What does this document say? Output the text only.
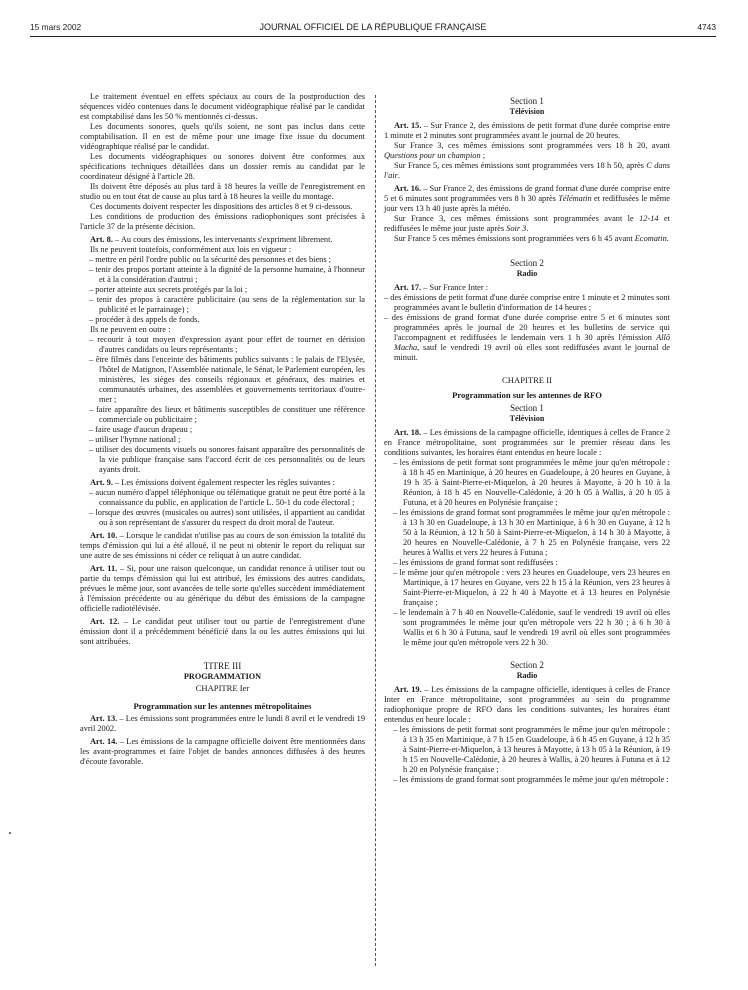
15 mars 2002	JOURNAL OFFICIEL DE LA RÉPUBLIQUE FRANÇAISE	4743

Le traitement éventuel en effets spéciaux au cours de la postproduction des séquences vidéo contenues dans le document vidéographique réalisé par le candidat est comptabilisé dans les 50 % mentionnés ci-dessus.

Les documents sonores, quels qu'ils soient, ne sont pas inclus dans cette comptabilisation. Il en est de même pour une image fixe issue du document vidéographique réalisé par le candidat.

Les documents vidéographiques ou sonores doivent être conformes aux spécifications techniques détaillées dans un dossier remis au candidat par le coordinateur désigné à l'article 28.

Ils doivent être déposés au plus tard à 18 heures la veille de l'enregistrement en studio ou en tout état de cause au plus tard à 18 heures la veille du montage.

Ces documents doivent respecter les dispositions des articles 8 et 9 ci-dessous.

Les conditions de production des émissions radiophoniques sont précisées à l'article 37 de la présente décision.

Art. 8. – Au cours des émissions, les intervenants s'expriment librement.

Ils ne peuvent toutefois, conformément aux lois en vigueur :

– mettre en péril l'ordre public ou la sécurité des personnes et des biens ;

– tenir des propos portant atteinte à la dignité de la personne humaine, à l'honneur et à la considération d'autrui ;

– porter atteinte aux secrets protégés par la loi ;

– tenir des propos à caractère publicitaire (au sens de la réglementation sur la publicité et le parrainage) ;

– procéder à des appels de fonds.

Ils ne peuvent en outre :

– recourir à tout moyen d'expression ayant pour effet de tourner en dérision d'autres candidats ou leurs représentants ;

– être filmés dans l'enceinte des bâtiments publics suivants : le palais de l'Elysée, l'hôtel de Matignon, l'Assemblée nationale, le Sénat, le Parlement européen, les ministères, les sièges des conseils régionaux et généraux, des mairies et communautés urbaines, des assemblées et gouvernements territoriaux d'outre-mer ;

– faire apparaître des lieux et bâtiments susceptibles de constituer une référence commerciale ou publicitaire ;

– faire usage d'aucun drapeau ;

– utiliser l'hymne national ;

– utiliser des documents visuels ou sonores faisant apparaître des personnalités de la vie publique française sans l'accord écrit de ces personnalités ou de leurs ayants droit.

Art. 9. – Les émissions doivent également respecter les règles suivantes :

– aucun numéro d'appel téléphonique ou télématique gratuit ne peut être porté à la connaissance du public, en application de l'article L. 50-1 du code électoral ;

– lorsque des œuvres (musicales ou autres) sont utilisées, il appartient au candidat ou à son représentant de s'assurer du respect du droit moral de l'auteur.

Art. 10. – Lorsque le candidat n'utilise pas au cours de son émission la totalité du temps d'émission qui lui a été alloué, il ne peut ni obtenir le report du reliquat sur une autre de ses émissions ni céder ce reliquat à un autre candidat.

Art. 11. – Si, pour une raison quelconque, un candidat renonce à utiliser tout ou partie du temps d'émission qui lui est attribué, les émissions des autres candidats, prévues le même jour, sont avancées de telle sorte qu'elles succèdent immédiatement à l'émission précédente ou au générique du début des émissions de la campagne officielle radiotélévisée.

Art. 12. – Le candidat peut utiliser tout ou partie de l'enregistrement d'une émission dont il a précédemment bénéficié dans la ou les autres émissions qui lui sont attribuées.

TITRE III

PROGRAMMATION

CHAPITRE Ier

Programmation sur les antennes métropolitaines

Art. 13. – Les émissions sont programmées entre le lundi 8 avril et le vendredi 19 avril 2002.

Art. 14. – Les émissions de la campagne officielle doivent être mentionnées dans les avant-programmes et faire l'objet de bandes annonces diffusées à des heures d'écoute favorable.

Section 1

Télévision

Art. 15. – Sur France 2, des émissions de petit format d'une durée comprise entre 1 minute et 2 minutes sont programmées avant le journal de 20 heures.

Sur France 3, ces mêmes émissions sont programmées vers 18 h 20, avant Questions pour un champion ;

Sur France 5, ces mêmes émissions sont programmées vers 18 h 50, après C dans l'air.

Art. 16. – Sur France 2, des émissions de grand format d'une durée comprise entre 5 et 6 minutes sont programmées vers 8 h 30 après Télématin et rediffusées le même jour vers 13 h 40 juste après la météo.

Sur France 3, ces mêmes émissions sont programmées avant le 12-14 et rediffusées le même jour juste après Soir 3.

Sur France 5 ces mêmes émissions sont programmées vers 6 h 45 avant Ecomatin.

Section 2

Radio

Art. 17. – Sur France Inter :

– des émissions de petit format d'une durée comprise entre 1 minute et 2 minutes sont programmées avant le bulletin d'information de 14 heures ;

– des émissions de grand format d'une durée comprise entre 5 et 6 minutes sont programmées après le journal de 20 heures et les bulletins de service qui l'accompagnent et rediffusées le lendemain vers 1 h 30 après l'émission Allô Macha, sauf le vendredi 19 avril où elles sont rediffusées avant le journal de minuit.

CHAPITRE II

Programmation sur les antennes de RFO

Section 1

Télévision

Art. 18. – Les émissions de la campagne officielle, identiques à celles de France 2 en France métropolitaine, sont programmées sur le premier réseau dans les conditions suivantes, les horaires étant entendus en heure locale :

– les émissions de petit format sont programmées le même jour qu'en métropole : à 18 h 45 en Martinique, à 20 heures en Guadeloupe, à 20 heures en Guyane, à 19 h 35 à Saint-Pierre-et-Miquelon, à 20 heures à Mayotte, à 20 h 10 à la Réunion, à 18 h 45 en Nouvelle-Calédonie, à 20 h 05 à Wallis, à 20 h 05 à Futuna, et à 20 heures en Polynésie française ;

– les émissions de grand format sont programmées le même jour qu'en métropole : à 13 h 30 en Guadeloupe, à 13 h 30 en Martinique, à 6 h 30 en Guyane, à 12 h 50 à la Réunion, à 12 h 50 à Saint-Pierre-et-Miquelon, à 14 h 30 à Mayotte, à 20 heures en Nouvelle-Calédonie, à 7 h 25 en Polynésie française, vers 22 heures à Wallis et vers 22 heures à Futuna ;

– les émissions de grand format sont rediffusées :

– le même jour qu'en métropole : vers 23 heures en Guadeloupe, vers 23 heures en Martinique, à 17 heures en Guyane, vers 22 h 15 à la Réunion, vers 23 heures à Saint-Pierre-et-Miquelon, à 22 h 40 à Mayotte et à 13 heures en Polynésie française ;

– le lendemain à 7 h 40 en Nouvelle-Calédonie, sauf le vendredi 19 avril où elles sont programmées le même jour qu'en métropole vers 22 h 30 ; à 6 h 30 à Wallis et 6 h 30 à Futuna, sauf le vendredi 19 avril où elles sont programmées le même jour qu'en métropole vers 22 h 30.

Section 2

Radio

Art. 19. – Les émissions de la campagne officielle, identiques à celles de France Inter en France métropolitaine, sont programmées au sein du programme radiophonique propre de RFO dans les conditions suivantes, les horaires étant entendus en heure locale :

– les émissions de petit format sont programmées le même jour qu'en métropole : à 13 h 35 en Martinique, à 7 h 15 en Guadeloupe, à 6 h 45 en Guyane, à 12 h 35 à Saint-Pierre-et-Miquelon, à 13 heures à Mayotte, à 13 h 05 à la Réunion, à 19 h 15 en Nouvelle-Calédonie, à 20 heures à Wallis, à 20 heures à Futuna et à 12 h 20 en Polynésie française ;

– les émissions de grand format sont programmées le même jour qu'en métropole :
